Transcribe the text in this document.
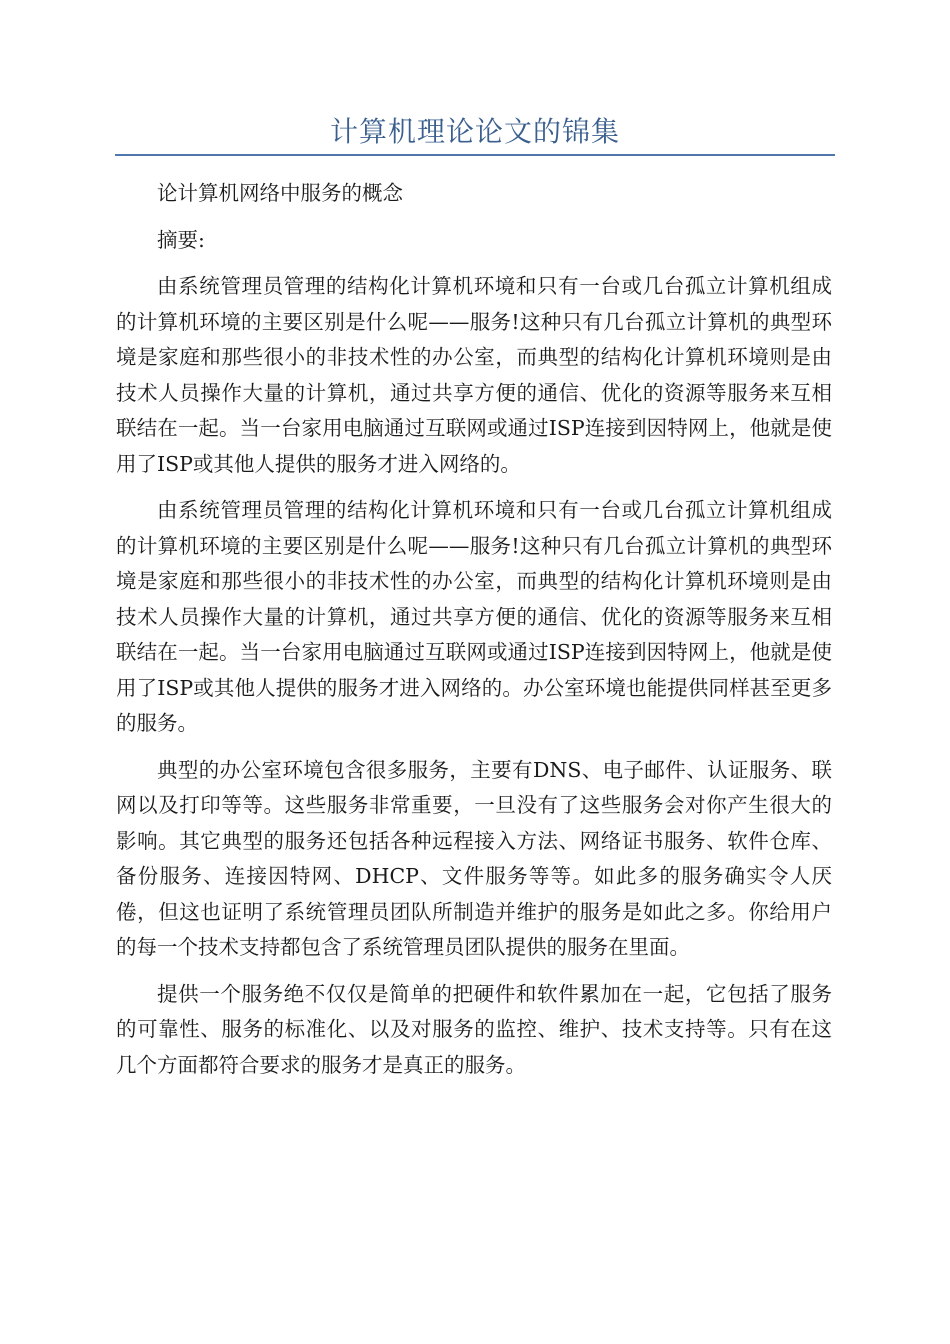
计算机理论论文的锦集

论计算机网络中服务的概念

摘要:

由系统管理员管理的结构化计算机环境和只有一台或几台孤立计算机组成的计算机环境的主要区别是什么呢——服务!这种只有几台孤立计算机的典型环境是家庭和那些很小的非技术性的办公室，而典型的结构化计算机环境则是由技术人员操作大量的计算机，通过共享方便的通信、优化的资源等服务来互相联结在一起。当一台家用电脑通过互联网或通过ISP连接到因特网上，他就是使用了ISP或其他人提供的服务才进入网络的。

由系统管理员管理的结构化计算机环境和只有一台或几台孤立计算机组成的计算机环境的主要区别是什么呢——服务!这种只有几台孤立计算机的典型环境是家庭和那些很小的非技术性的办公室，而典型的结构化计算机环境则是由技术人员操作大量的计算机，通过共享方便的通信、优化的资源等服务来互相联结在一起。当一台家用电脑通过互联网或通过ISP连接到因特网上，他就是使用了ISP或其他人提供的服务才进入网络的。办公室环境也能提供同样甚至更多的服务。

典型的办公室环境包含很多服务，主要有DNS、电子邮件、认证服务、联网以及打印等等。这些服务非常重要，一旦没有了这些服务会对你产生很大的影响。其它典型的服务还包括各种远程接入方法、网络证书服务、软件仓库、备份服务、连接因特网、DHCP、文件服务等等。如此多的服务确实令人厌倦，但这也证明了系统管理员团队所制造并维护的服务是如此之多。你给用户的每一个技术支持都包含了系统管理员团队提供的服务在里面。

提供一个服务绝不仅仅是简单的把硬件和软件累加在一起，它包括了服务的可靠性、服务的标准化、以及对服务的监控、维护、技术支持等。只有在这几个方面都符合要求的服务才是真正的服务。
